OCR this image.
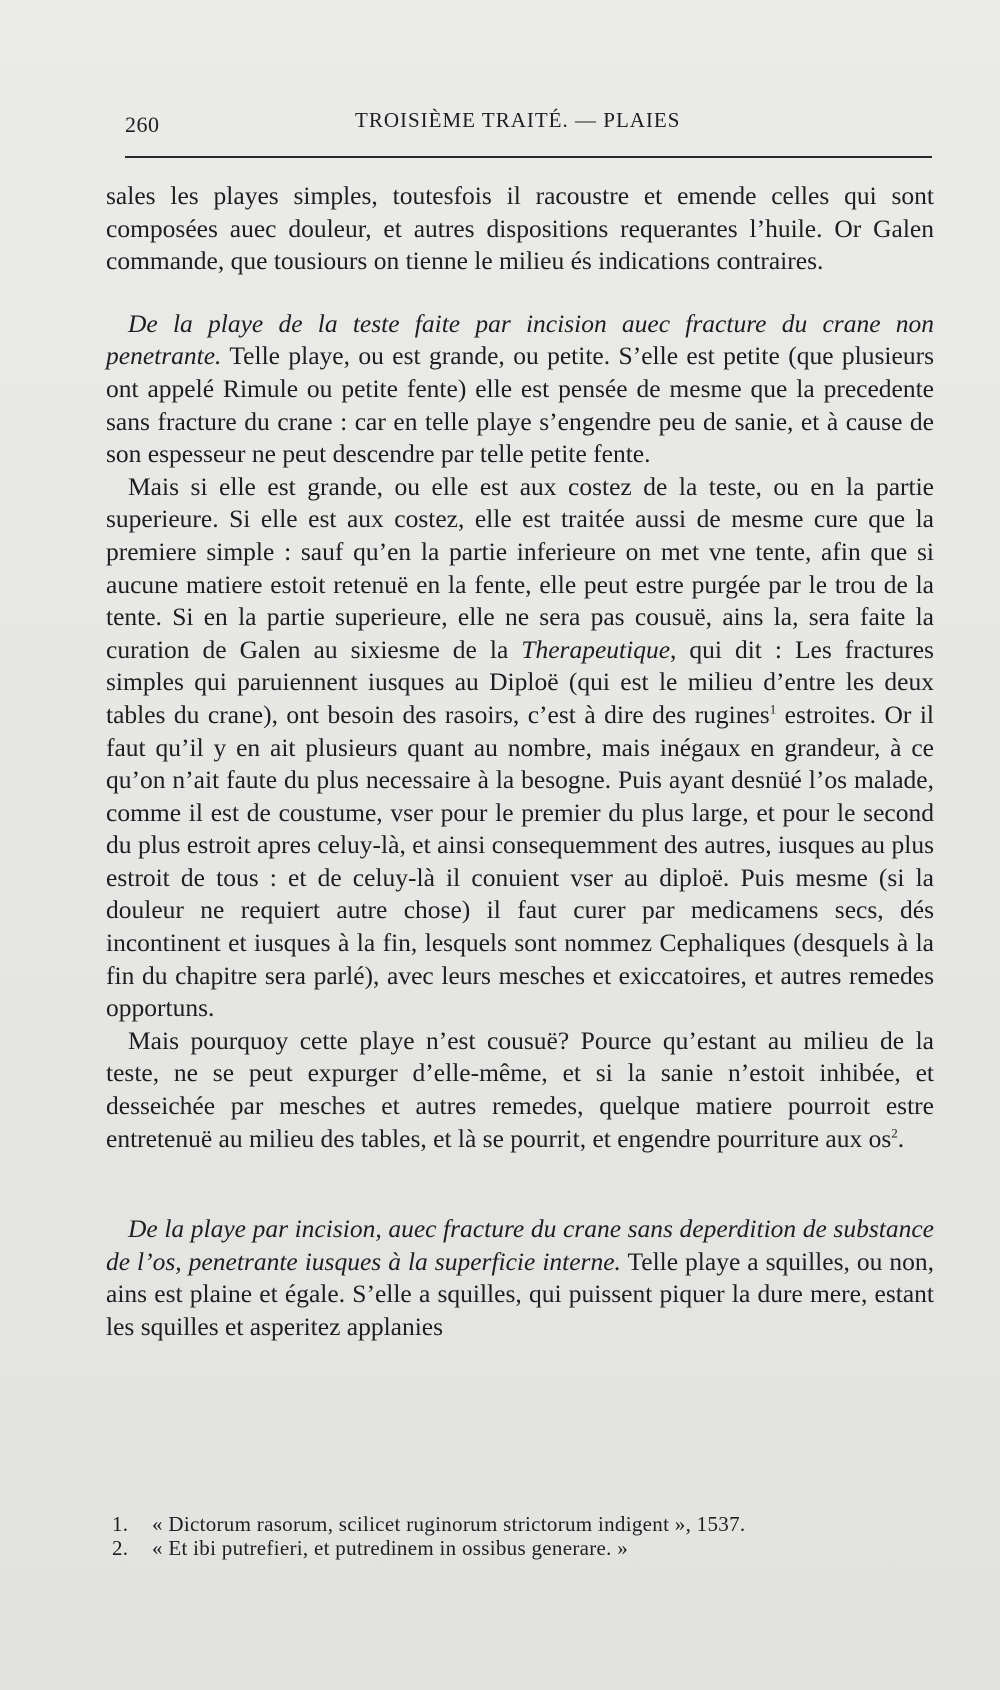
260	TROISIÈME TRAITÉ. — PLAIES

sales les playes simples, toutesfois il racoustre et emende celles qui sont composées auec douleur, et autres dispositions requerantes l’huile. Or Galen commande, que tousiours on tienne le milieu és indications contraires.

De la playe de la teste faite par incision auec fracture du crane non penetrante. Telle playe, ou est grande, ou petite. S’elle est petite (que plusieurs ont appelé Rimule ou petite fente) elle est pensée de mesme que la precedente sans fracture du crane : car en telle playe s’engendre peu de sanie, et à cause de son espesseur ne peut descendre par telle petite fente.

Mais si elle est grande, ou elle est aux costez de la teste, ou en la partie superieure. Si elle est aux costez, elle est traitée aussi de mesme cure que la premiere simple : sauf qu’en la partie inferieure on met vne tente, afin que si aucune matiere estoit retenuë en la fente, elle peut estre purgée par le trou de la tente. Si en la partie superieure, elle ne sera pas cousuë, ains la, sera faite la curation de Galen au sixiesme de la Therapeutique, qui dit : Les fractures simples qui paruiennent iusques au Diploë (qui est le milieu d’entre les deux tables du crane), ont besoin des rasoirs, c’est à dire des rugines$^1$ estroites. Or il faut qu’il y en ait plusieurs quant au nombre, mais inégaux en grandeur, à ce qu’on n’ait faute du plus necessaire à la besogne. Puis ayant desnüé l’os malade, comme il est de coustume, vser pour le premier du plus large, et pour le second du plus estroit apres celuy-là, et ainsi consequemment des autres, iusques au plus estroit de tous : et de celuy-là il conuient vser au diploë. Puis mesme (si la douleur ne requiert autre chose) il faut curer par medicamens secs, dés incontinent et iusques à la fin, lesquels sont nommez Cephaliques (desquels à la fin du chapitre sera parlé), avec leurs mesches et exiccatoires, et autres remedes opportuns.

Mais pourquoy cette playe n’est cousuë? Pource qu’estant au milieu de la teste, ne se peut expurger d’elle-même, et si la sanie n’estoit inhibée, et desseichée par mesches et autres remedes, quelque matiere pourroit estre entretenuë au milieu des tables, et là se pourrit, et engendre pourriture aux $os^2$.

De la playe par incision, auec fracture du crane sans deperdition de substance de l’os, penetrante iusques à la superficie interne. Telle playe a squilles, ou non, ains est plaine et égale. S’elle a squilles, qui puissent piquer la dure mere, estant les squilles et asperitez applanies

1. « Dictorum rasorum, scilicet ruginorum strictorum indigent », 1537.

2. « Et ibi putrefieri, et putredinem in ossibus generare. »
